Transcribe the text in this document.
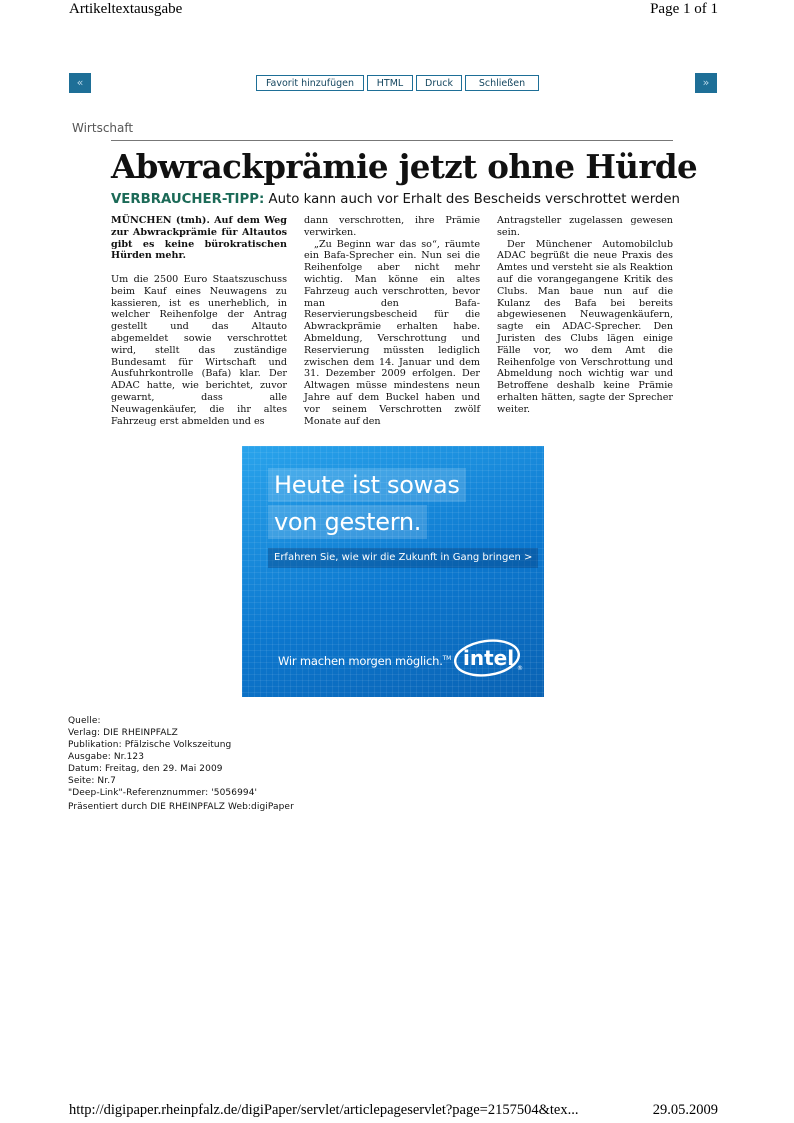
Artikeltextausgabe	Page 1 of 1
«	Favorit hinzufügen	HTML	Druck	Schließen	»
Wirtschaft
Abwrackprämie jetzt ohne Hürde
VERBRAUCHER-TIPP: Auto kann auch vor Erhalt des Bescheids verschrottet werden

MÜNCHEN (tmh). Auf dem Weg zur Abwrackprämie für Altautos gibt es keine bürokratischen Hürden mehr.

Um die 2500 Euro Staatszuschuss beim Kauf eines Neuwagens zu kassieren, ist es unerheblich, in welcher Reihenfolge der Antrag gestellt und das Altauto abgemeldet sowie verschrottet wird, stellt das zuständige Bundesamt für Wirtschaft und Ausfuhrkontrolle (Bafa) klar. Der ADAC hatte, wie berichtet, zuvor gewarnt, dass alle Neuwagenkäufer, die ihr altes Fahrzeug erst abmelden und es

dann verschrotten, ihre Prämie verwirken.

„Zu Beginn war das so“, räumte ein Bafa-Sprecher ein. Nun sei die Reihenfolge aber nicht mehr wichtig. Man könne ein altes Fahrzeug auch verschrotten, bevor man den Bafa-Reservierungsbescheid für die Abwrackprämie erhalten habe. Abmeldung, Verschrottung und Reservierung müssten lediglich zwischen dem 14. Januar und dem 31. Dezember 2009 erfolgen. Der Altwagen müsse mindestens neun Jahre auf dem Buckel haben und vor seinem Verschrotten zwölf Monate auf den

Antragsteller zugelassen gewesen sein.

Der Münchener Automobilclub ADAC begrüßt die neue Praxis des Amtes und versteht sie als Reaktion auf die vorangegangene Kritik des Clubs. Man baue nun auf die Kulanz des Bafa bei bereits abgewiesenen Neuwagenkäufern, sagte ein ADAC-Sprecher. Den Juristen des Clubs lägen einige Fälle vor, wo dem Amt die Reihenfolge von Verschrottung und Abmeldung noch wichtig war und Betroffene deshalb keine Prämie erhalten hätten, sagte der Sprecher weiter.

Heute ist sowas
von gestern.
Erfahren Sie, wie wir die Zukunft in Gang bringen >
Wir machen morgen möglich.™ intel ®
Quelle:
Verlag: DIE RHEINPFALZ
Publikation: Pfälzische Volkszeitung
Ausgabe: Nr.123
Datum: Freitag, den 29. Mai 2009
Seite: Nr.7
"Deep-Link"-Referenznummer: '5056994'
Präsentiert durch DIE RHEINPFALZ Web:digiPaper
http://digipaper.rheinpfalz.de/digiPaper/servlet/articlepageservlet?page=2157504&tex...	29.05.2009
